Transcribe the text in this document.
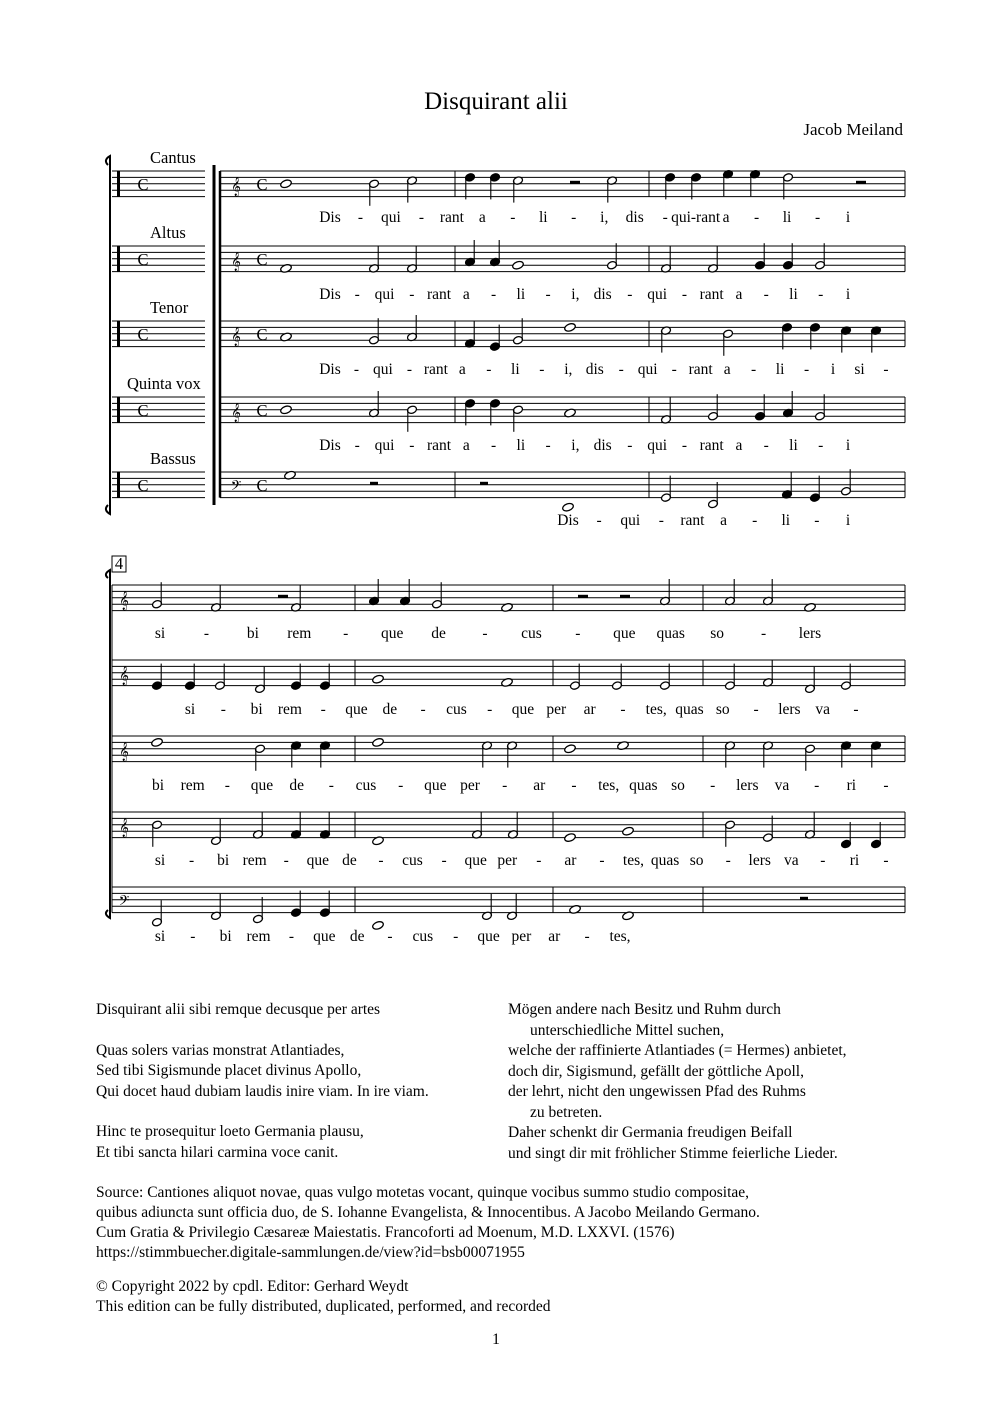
Disquirant alii
Jacob Meiland
Cantus
C
Altus
C
Tenor
C
Quinta vox
C
Bassus
C
𝄞 C
𝄞 C
𝄞 C
𝄞 C
𝄢 C
𝄞
𝄞
𝄞
𝄞
𝄢
4
Dis - qui - rant a - li - i, dis - qui-rant a - li - i
Dis - qui - rant a - li - i, dis - qui - rant a - li - i
Dis - qui - rant a - li - i, dis - qui - rant a - li - i si -
Dis - qui - rant a - li - i, dis - qui - rant a - li - i
Dis - qui - rant a - li - i
si - bi rem - que de - cus - que quas so - lers
si - bi rem - que de - cus - que per ar - tes, quas so - lers va -
bi rem - que de - cus - que per - ar - tes, quas so - lers va - ri -
si - bi rem - que de - cus - que per - ar - tes, quas so - lers va - ri -
si - bi rem - que de - cus - que per ar - tes,
Disquirant alii sibi remque decusque per artes
Quas solers varias monstrat Atlantiades,
Sed tibi Sigismunde placet divinus Apollo,
Qui docet haud dubiam laudis inire viam. In ire viam.
Hinc te prosequitur loeto Germania plausu,
Et tibi sancta hilari carmina voce canit.
Mögen andere nach Besitz und Ruhm durch
unterschiedliche Mittel suchen,
welche der raffinierte Atlantiades (= Hermes) anbietet,
doch dir, Sigismund, gefällt der göttliche Apoll,
der lehrt, nicht den ungewissen Pfad des Ruhms
zu betreten.
Daher schenkt dir Germania freudigen Beifall
und singt dir mit fröhlicher Stimme feierliche Lieder.
Source: Cantiones aliquot novae, quas vulgo motetas vocant, quinque vocibus summo studio compositae,
quibus adiuncta sunt officia duo, de S. Iohanne Evangelista, & Innocentibus. A Jacobo Meilando Germano.
Cum Gratia & Privilegio Cæsareæ Maiestatis. Francoforti ad Moenum, M.D. LXXVI. (1576)
https://stimmbuecher.digitale-sammlungen.de/view?id=bsb00071955
© Copyright 2022 by cpdl. Editor: Gerhard Weydt
This edition can be fully distributed, duplicated, performed, and recorded
1
